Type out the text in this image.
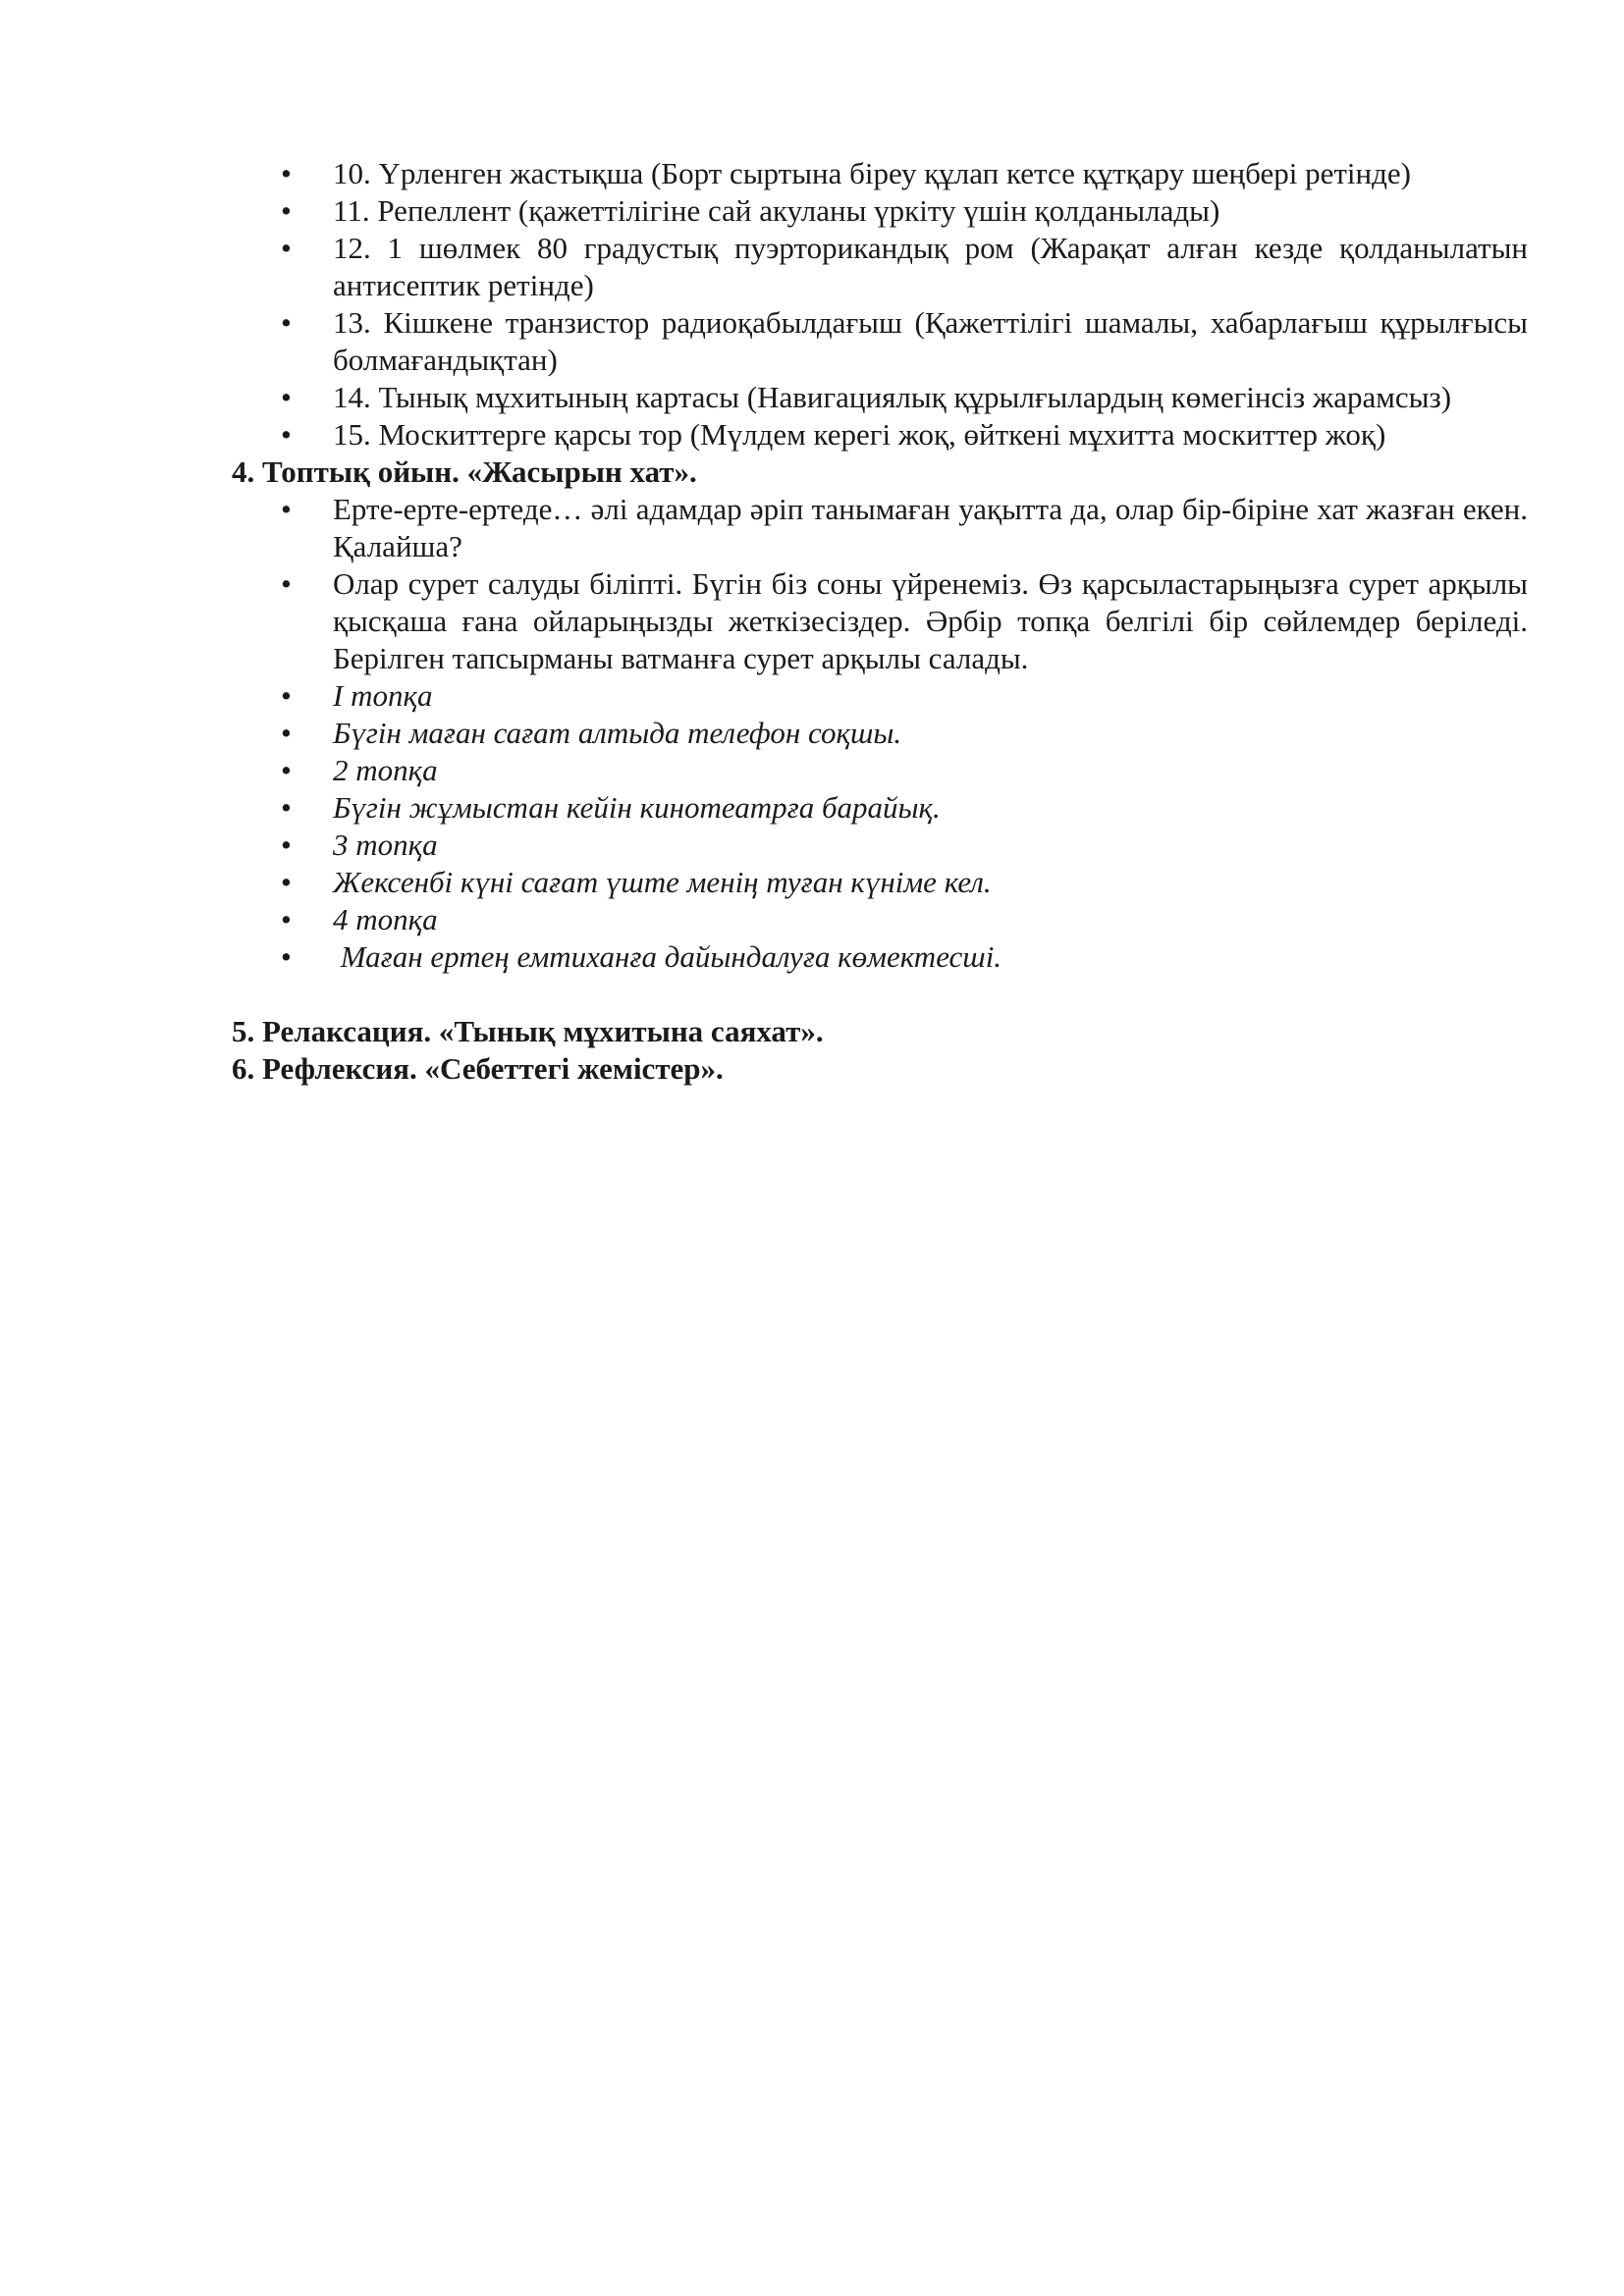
• 10. Үрленген жастықша (Борт сыртына біреу құлап кетсе құтқару шеңбері ретінде)
• 11. Репеллент (қажеттілігіне сай акуланы үркіту үшін қолданылады)
• 12. 1 шөлмек 80 градустық пуэрторикандық ром (Жарақат алған кезде қолданылатын антисептик ретінде)
• 13. Кішкене транзистор радиоқабылдағыш (Қажеттілігі шамалы, хабарлағыш құрылғысы болмағандықтан)
• 14. Тынық мұхитының картасы (Навигациялық құрылғылардың көмегінсіз жарамсыз)
• 15. Москиттерге қарсы тор (Мүлдем керегі жоқ, өйткені мұхитта москиттер жоқ)

4. Топтық ойын. «Жасырын хат».

• Ерте-ерте-ертеде… әлі адамдар әріп танымаған уақытта да, олар бір-біріне хат жазған екен. Қалайша?
• Олар сурет салуды біліпті. Бүгін біз соны үйренеміз. Өз қарсыластарыңызға сурет арқылы қысқаша ғана ойларыңызды жеткізесіздер. Әрбір топқа белгілі бір сөйлемдер беріледі. Берілген тапсырманы ватманға сурет арқылы салады.
• І топқа
• Бүгін маған сағат алтыда телефон соқшы.
• 2 топқа
• Бүгін жұмыстан кейін кинотеатрға барайық.
• 3 топқа
• Жексенбі күні сағат үште менің туған күніме кел.
• 4 топқа
• Маған ертең емтиханға дайындалуға көмектесші.

5. Релаксация. «Тынық мұхитына саяхат».

6. Рефлексия. «Себеттегі жемістер».
